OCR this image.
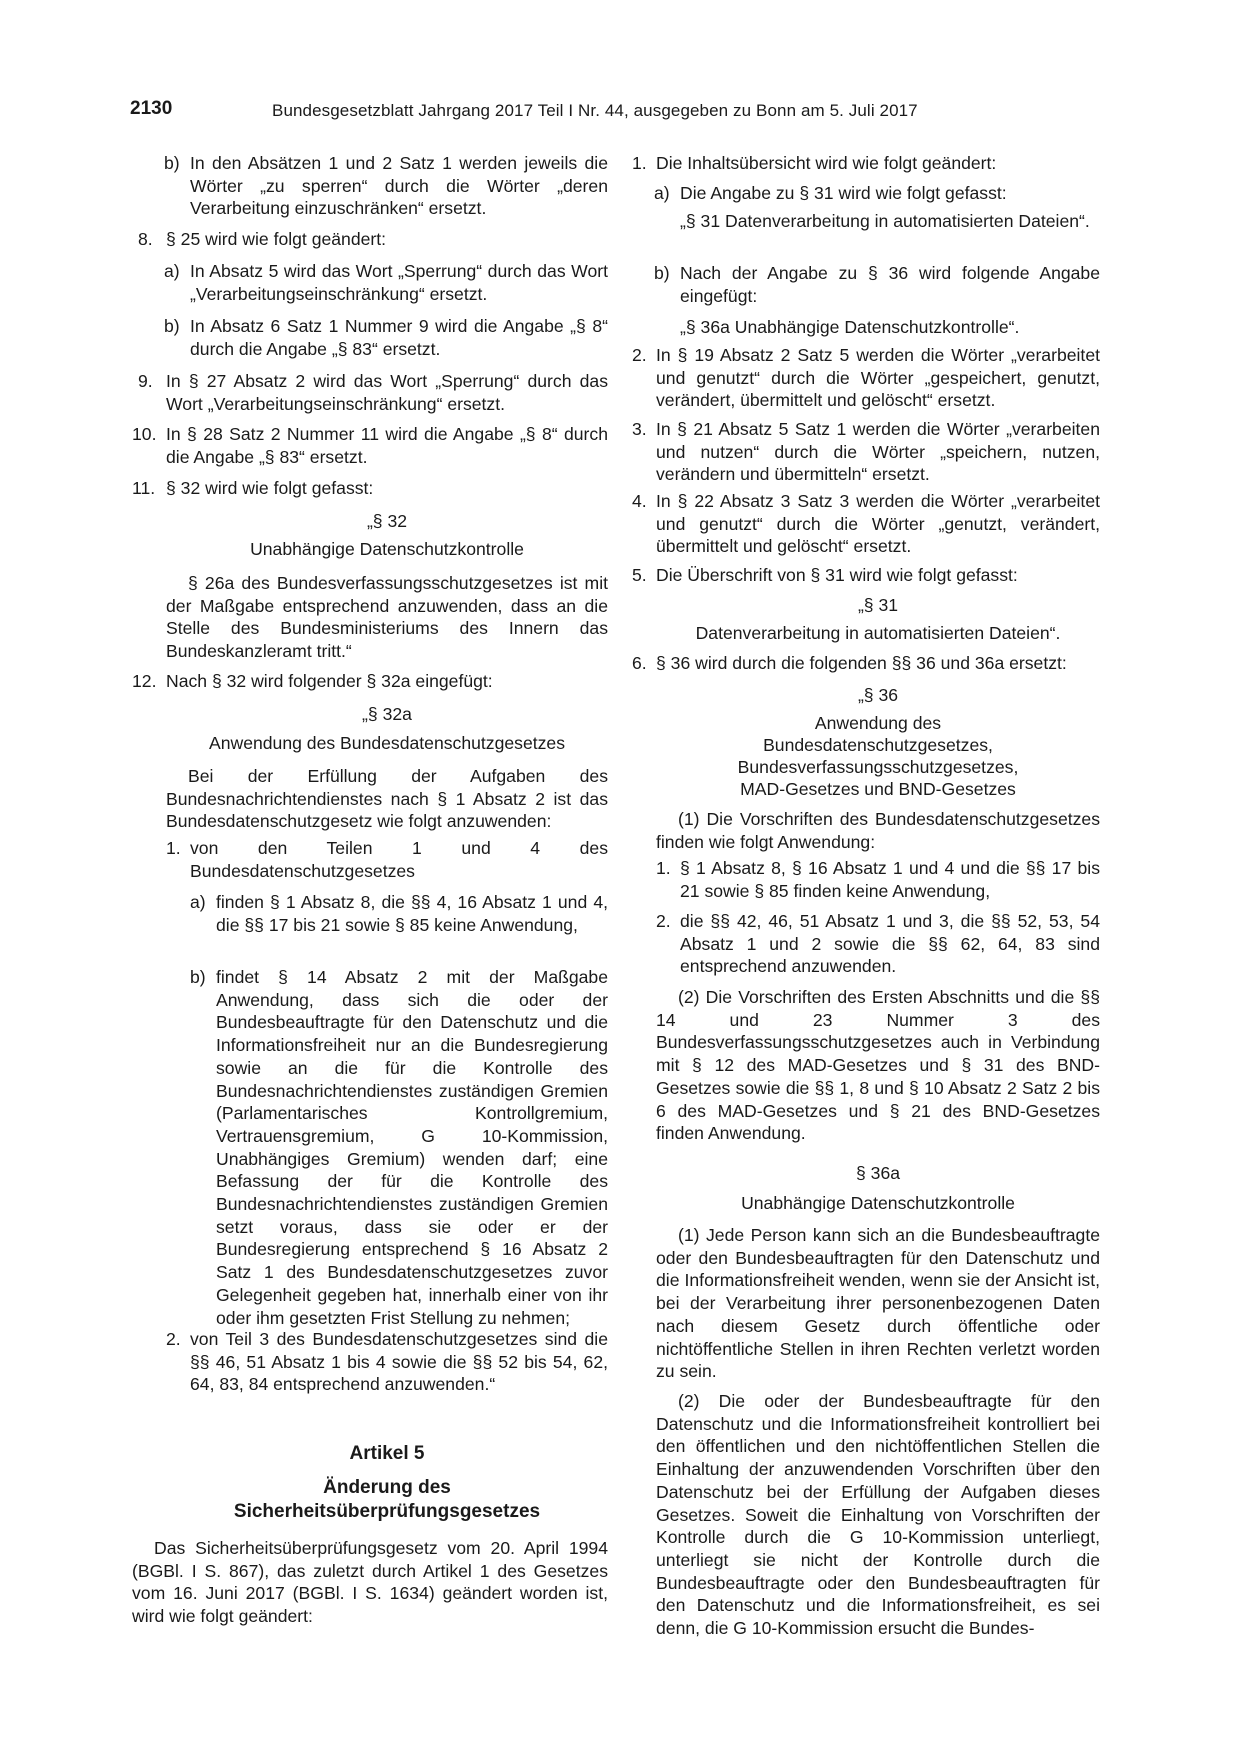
2130	Bundesgesetzblatt Jahrgang 2017 Teil I Nr. 44, ausgegeben zu Bonn am 5. Juli 2017
b) In den Absätzen 1 und 2 Satz 1 werden jeweils die Wörter „zu sperren“ durch die Wörter „deren Verarbeitung einzuschränken“ ersetzt.
8. § 25 wird wie folgt geändert:
a) In Absatz 5 wird das Wort „Sperrung“ durch das Wort „Verarbeitungseinschränkung“ ersetzt.
b) In Absatz 6 Satz 1 Nummer 9 wird die Angabe „§ 8“ durch die Angabe „§ 83“ ersetzt.
9. In § 27 Absatz 2 wird das Wort „Sperrung“ durch das Wort „Verarbeitungseinschränkung“ ersetzt.
10. In § 28 Satz 2 Nummer 11 wird die Angabe „§ 8“ durch die Angabe „§ 83“ ersetzt.
11. § 32 wird wie folgt gefasst:
„§ 32
Unabhängige Datenschutzkontrolle
§ 26a des Bundesverfassungsschutzgesetzes ist mit der Maßgabe entsprechend anzuwenden, dass an die Stelle des Bundesministeriums des Innern das Bundeskanzleramt tritt.“
12. Nach § 32 wird folgender § 32a eingefügt:
„§ 32a
Anwendung des Bundesdatenschutzgesetzes
Bei der Erfüllung der Aufgaben des Bundesnachrichtendienstes nach § 1 Absatz 2 ist das Bundesdatenschutzgesetz wie folgt anzuwenden:
1. von den Teilen 1 und 4 des Bundesdatenschutzgesetzes
a) finden § 1 Absatz 8, die §§ 4, 16 Absatz 1 und 4, die §§ 17 bis 21 sowie § 85 keine Anwendung,
b) findet § 14 Absatz 2 mit der Maßgabe Anwendung, dass sich die oder der Bundesbeauftragte für den Datenschutz und die Informationsfreiheit nur an die Bundesregierung sowie an die für die Kontrolle des Bundesnachrichtendienstes zuständigen Gremien (Parlamentarisches Kontrollgremium, Vertrauensgremium, G 10-Kommission, Unabhängiges Gremium) wenden darf; eine Befassung der für die Kontrolle des Bundesnachrichtendienstes zuständigen Gremien setzt voraus, dass sie oder er der Bundesregierung entsprechend § 16 Absatz 2 Satz 1 des Bundesdatenschutzgesetzes zuvor Gelegenheit gegeben hat, innerhalb einer von ihr oder ihm gesetzten Frist Stellung zu nehmen;
2. von Teil 3 des Bundesdatenschutzgesetzes sind die §§ 46, 51 Absatz 1 bis 4 sowie die §§ 52 bis 54, 62, 64, 83, 84 entsprechend anzuwenden.“
Artikel 5
Änderung des
Sicherheitsüberprüfungsgesetzes
Das Sicherheitsüberprüfungsgesetz vom 20. April 1994 (BGBl. I S. 867), das zuletzt durch Artikel 1 des Gesetzes vom 16. Juni 2017 (BGBl. I S. 1634) geändert worden ist, wird wie folgt geändert:
1. Die Inhaltsübersicht wird wie folgt geändert:
a) Die Angabe zu § 31 wird wie folgt gefasst:
„§ 31 Datenverarbeitung in automatisierten Dateien“.
b) Nach der Angabe zu § 36 wird folgende Angabe eingefügt:
„§ 36a Unabhängige Datenschutzkontrolle“.
2. In § 19 Absatz 2 Satz 5 werden die Wörter „verarbeitet und genutzt“ durch die Wörter „gespeichert, genutzt, verändert, übermittelt und gelöscht“ ersetzt.
3. In § 21 Absatz 5 Satz 1 werden die Wörter „verarbeiten und nutzen“ durch die Wörter „speichern, nutzen, verändern und übermitteln“ ersetzt.
4. In § 22 Absatz 3 Satz 3 werden die Wörter „verarbeitet und genutzt“ durch die Wörter „genutzt, verändert, übermittelt und gelöscht“ ersetzt.
5. Die Überschrift von § 31 wird wie folgt gefasst:
„§ 31
Datenverarbeitung in automatisierten Dateien“.
6. § 36 wird durch die folgenden §§ 36 und 36a ersetzt:
„§ 36
Anwendung des
Bundesdatenschutzgesetzes,
Bundesverfassungsschutzgesetzes,
MAD-Gesetzes und BND-Gesetzes
(1) Die Vorschriften des Bundesdatenschutzgesetzes finden wie folgt Anwendung:
1. § 1 Absatz 8, § 16 Absatz 1 und 4 und die §§ 17 bis 21 sowie § 85 finden keine Anwendung,
2. die §§ 42, 46, 51 Absatz 1 und 3, die §§ 52, 53, 54 Absatz 1 und 2 sowie die §§ 62, 64, 83 sind entsprechend anzuwenden.
(2) Die Vorschriften des Ersten Abschnitts und die §§ 14 und 23 Nummer 3 des Bundesverfassungsschutzgesetzes auch in Verbindung mit § 12 des MAD-Gesetzes und § 31 des BND-Gesetzes sowie die §§ 1, 8 und § 10 Absatz 2 Satz 2 bis 6 des MAD-Gesetzes und § 21 des BND-Gesetzes finden Anwendung.
§ 36a
Unabhängige Datenschutzkontrolle
(1) Jede Person kann sich an die Bundesbeauftragte oder den Bundesbeauftragten für den Datenschutz und die Informationsfreiheit wenden, wenn sie der Ansicht ist, bei der Verarbeitung ihrer personenbezogenen Daten nach diesem Gesetz durch öffentliche oder nichtöffentliche Stellen in ihren Rechten verletzt worden zu sein.
(2) Die oder der Bundesbeauftragte für den Datenschutz und die Informationsfreiheit kontrolliert bei den öffentlichen und den nichtöffentlichen Stellen die Einhaltung der anzuwendenden Vorschriften über den Datenschutz bei der Erfüllung der Aufgaben dieses Gesetzes. Soweit die Einhaltung von Vorschriften der Kontrolle durch die G 10-Kommission unterliegt, unterliegt sie nicht der Kontrolle durch die Bundesbeauftragte oder den Bundesbeauftragten für den Datenschutz und die Informationsfreiheit, es sei denn, die G 10-Kommission ersucht die Bundes-
